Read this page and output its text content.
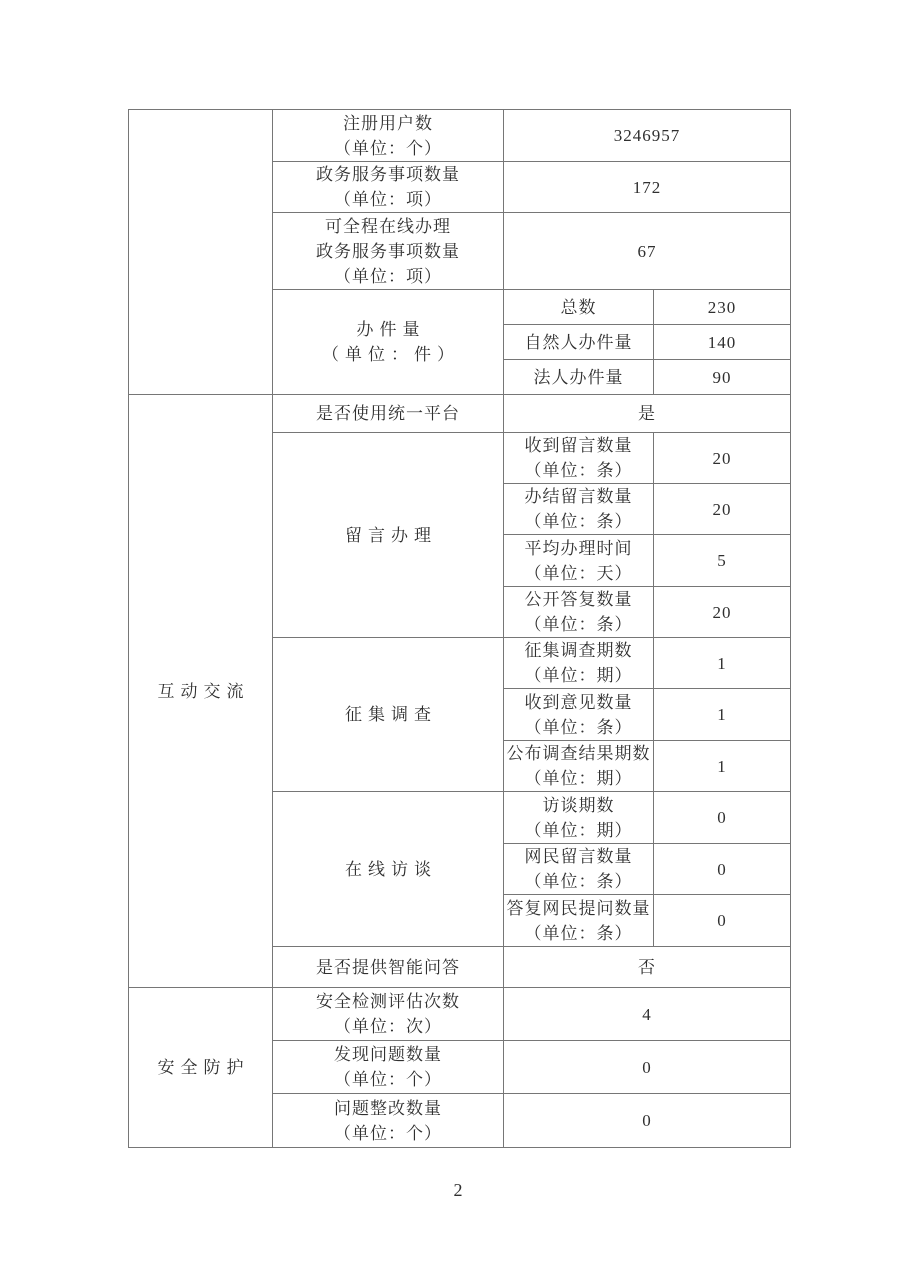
	注册用户数
（单位：个）	3246957	

	政务服务事项数量
（单位：项）	172	

	可全程在线办理
政务服务事项数量
（单位：项）	67	

	办件量
（单位：件）	总数	230
		自然人办件量	140
		法人办件量	90
互动交流	是否使用统一平台	是	
	留言办理	收到留言数量
（单位：条）	20

		办结留言数量
（单位：条）	20

		平均办理时间
（单位：天）	5

		公开答复数量
（单位：条）	20
	征集调查	征集调查期数
（单位：期）	1

		收到意见数量
（单位：条）	1

		公布调查结果期数
（单位：期）	1
	在线访谈	访谈期数
（单位：期）	0

		网民留言数量
（单位：条）	0

		答复网民提问数量
（单位：条）	0
	是否提供智能问答	否	
安全防护	安全检测评估次数
（单位：次）	4	

	发现问题数量
（单位：个）	0	

	问题整改数量
（单位：个）	0	
2
